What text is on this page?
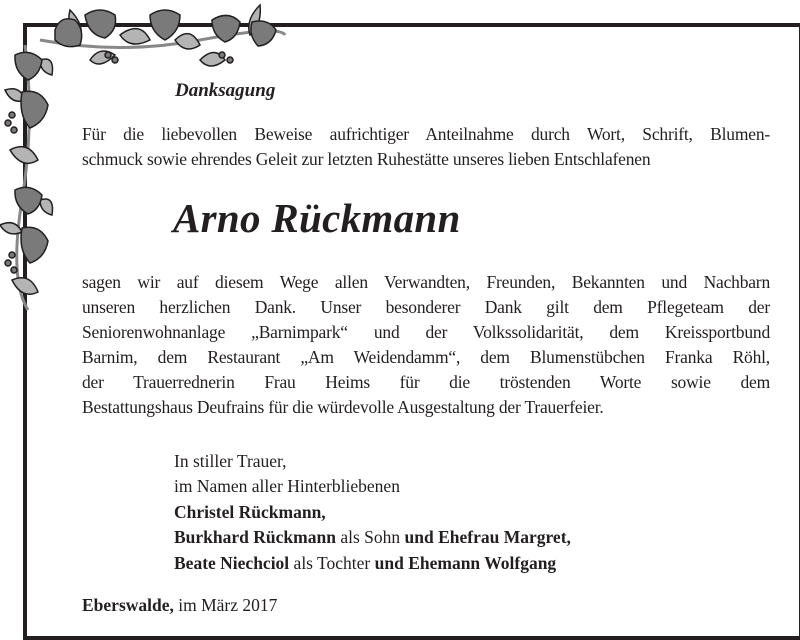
Danksagung
Für die liebevollen Beweise aufrichtiger Anteilnahme durch Wort, Schrift, Blumen-
schmuck sowie ehrendes Geleit zur letzten Ruhestätte unseres lieben Entschlafenen
Arno Rückmann
sagen wir auf diesem Wege allen Verwandten, Freunden, Bekannten und Nachbarn
unseren herzlichen Dank. Unser besonderer Dank gilt dem Pflegeteam der
Seniorenwohnanlage „Barnimpark“ und der Volkssolidarität, dem Kreissportbund
Barnim, dem Restaurant „Am Weidendamm“, dem Blumenstübchen Franka Röhl,
der Trauerrednerin Frau Heims für die tröstenden Worte sowie dem
Bestattungshaus Deufrains für die würdevolle Ausgestaltung der Trauerfeier.
In stiller Trauer,
im Namen aller Hinterbliebenen
Christel Rückmann,
Burkhard Rückmann als Sohn und Ehefrau Margret,
Beate Niechciol als Tochter und Ehemann Wolfgang
Eberswalde, im März 2017
